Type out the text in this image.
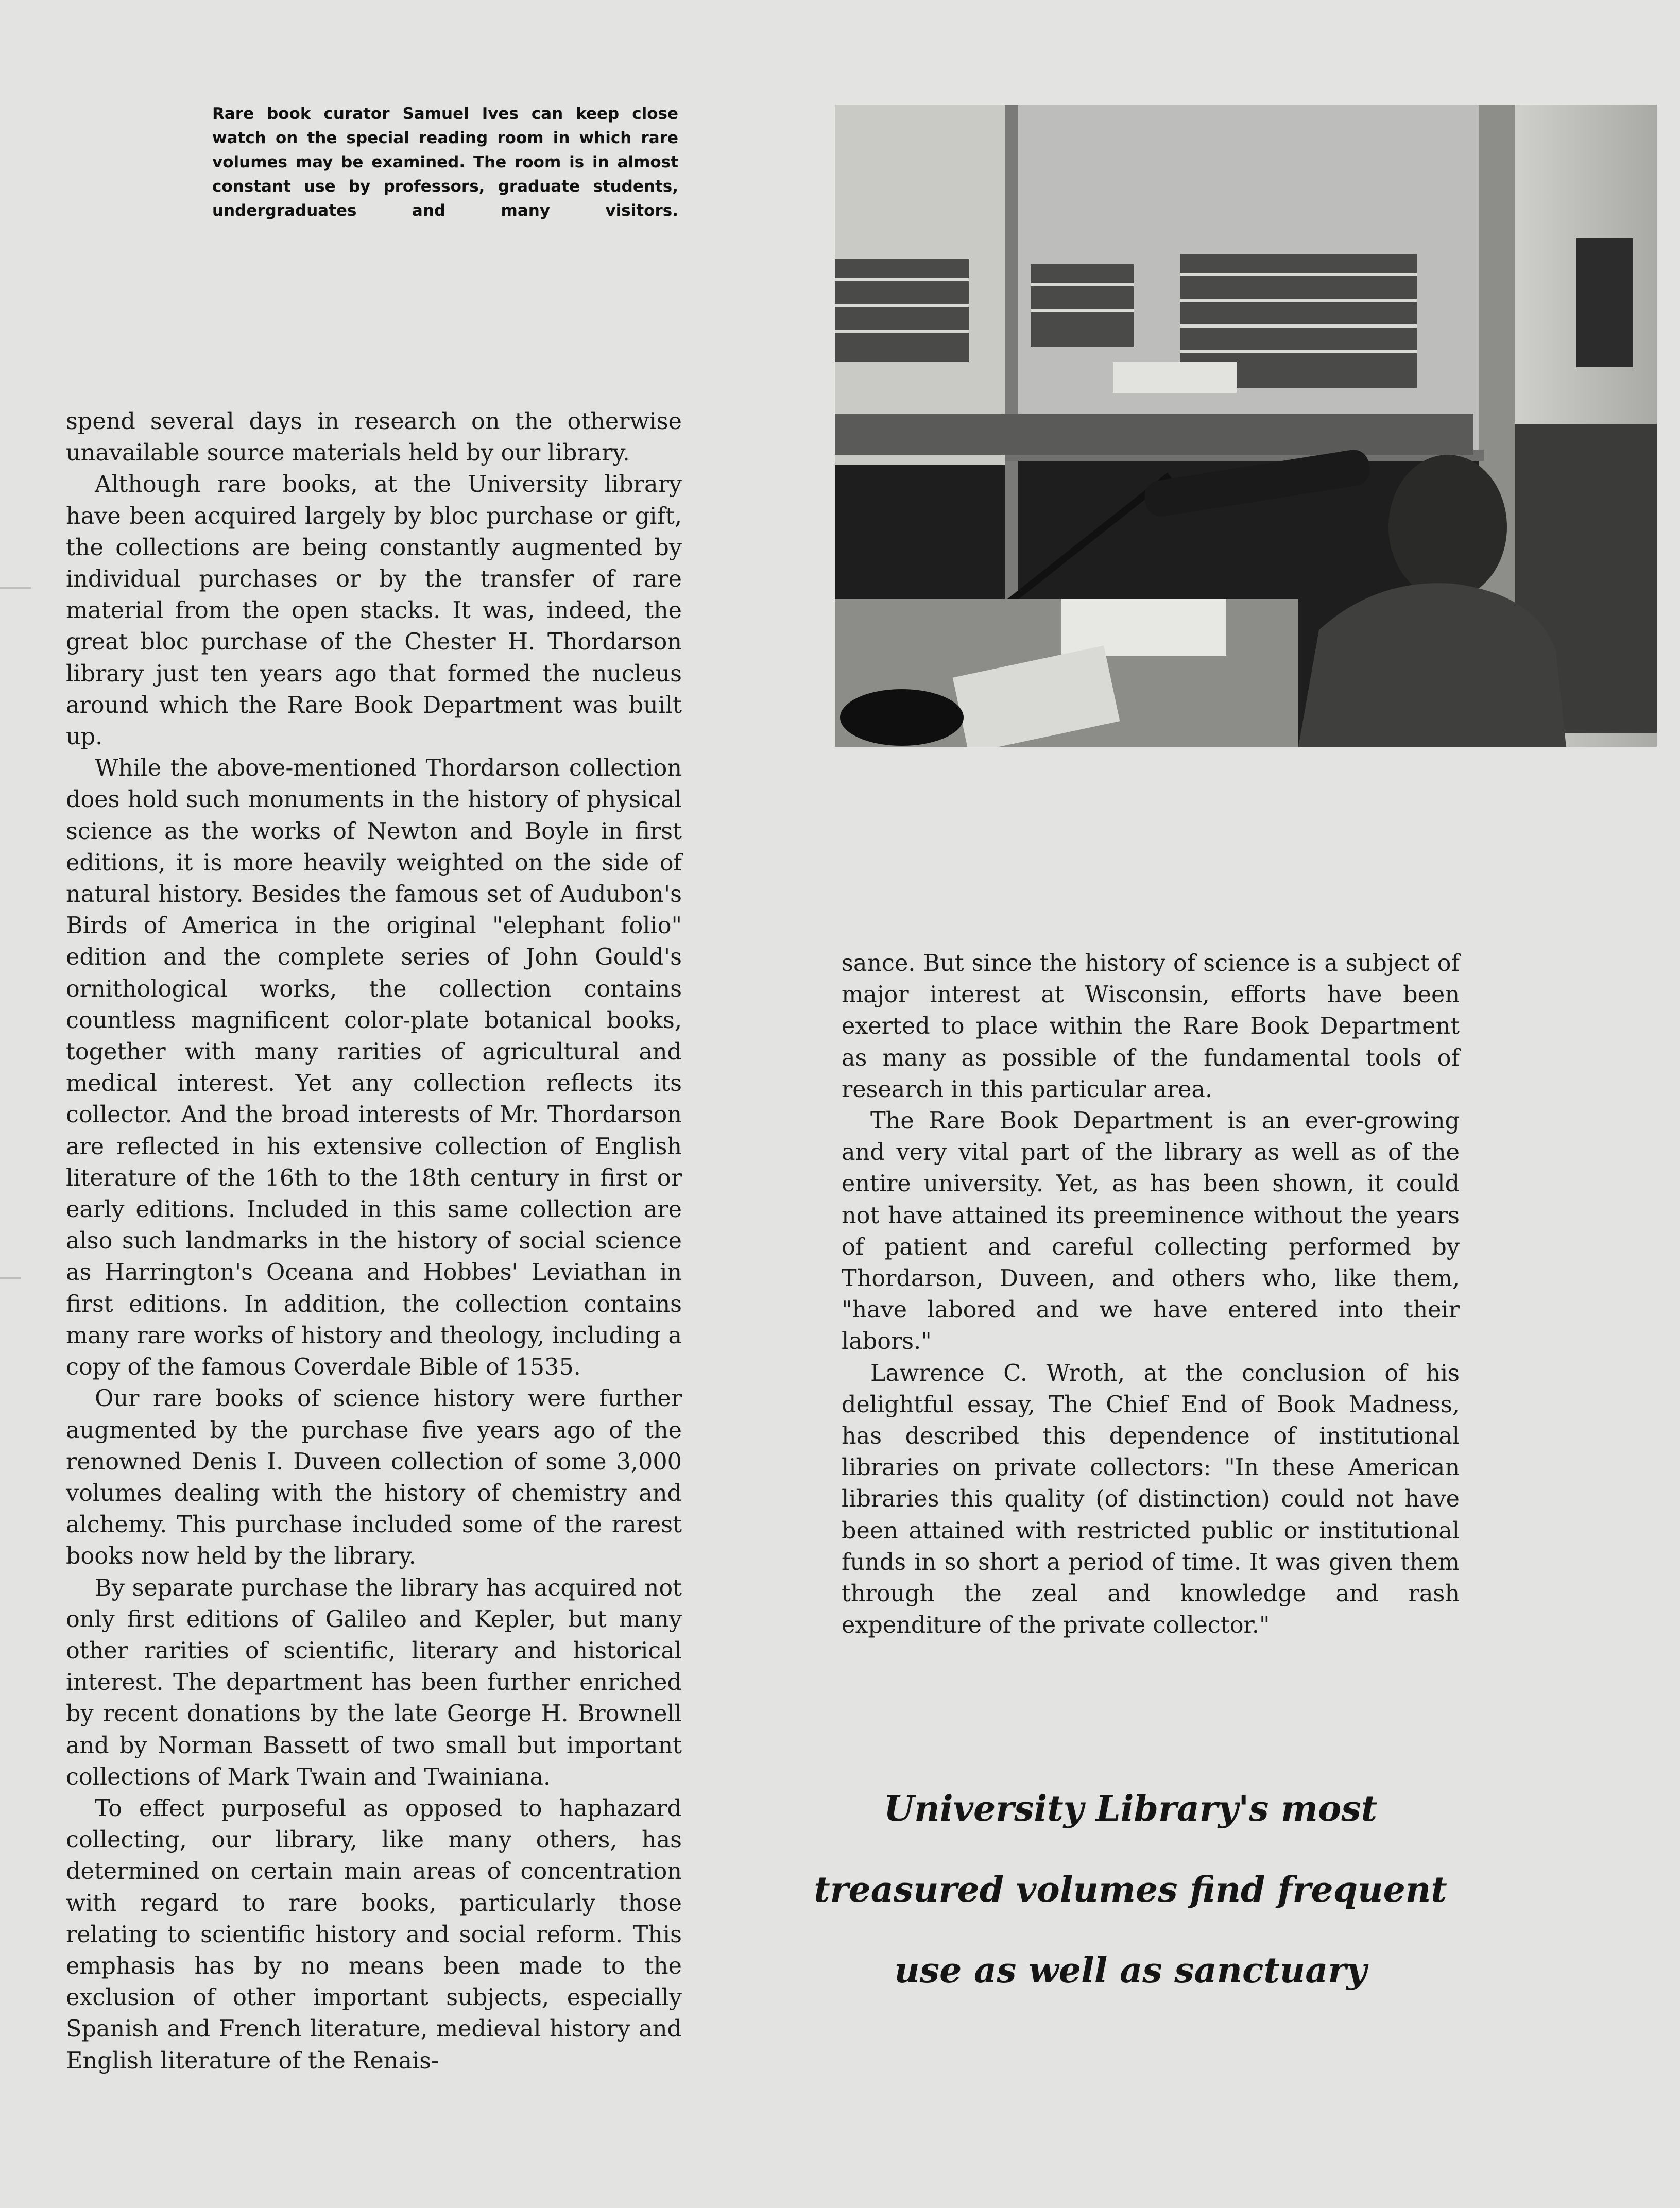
Rare book curator Samuel Ives can keep close watch on the special reading room in which rare volumes may be examined. The room is in almost constant use by professors, graduate students, undergraduates and many visitors.

spend several days in research on the otherwise unavailable source materials held by our library.

Although rare books, at the University library have been acquired largely by bloc purchase or gift, the collections are being constantly augmented by individual purchases or by the transfer of rare material from the open stacks. It was, indeed, the great bloc purchase of the Chester H. Thordarson library just ten years ago that formed the nucleus around which the Rare Book Department was built up.

While the above-mentioned Thordarson collection does hold such monuments in the history of physical science as the works of Newton and Boyle in first editions, it is more heavily weighted on the side of natural history. Besides the famous set of Audubon's Birds of America in the original "elephant folio" edition and the complete series of John Gould's ornithological works, the collection contains countless magnificent color-plate botanical books, together with many rarities of agricultural and medical interest. Yet any collection reflects its collector. And the broad interests of Mr. Thordarson are reflected in his extensive collection of English literature of the 16th to the 18th century in first or early editions. Included in this same collection are also such landmarks in the history of social science as Harrington's Oceana and Hobbes' Leviathan in first editions. In addition, the collection contains many rare works of history and theology, including a copy of the famous Coverdale Bible of 1535.

Our rare books of science history were further augmented by the purchase five years ago of the renowned Denis I. Duveen collection of some 3,000 volumes dealing with the history of chemistry and alchemy. This purchase included some of the rarest books now held by the library.

By separate purchase the library has acquired not only first editions of Galileo and Kepler, but many other rarities of scientific, literary and historical interest. The department has been further enriched by recent donations by the late George H. Brownell and by Norman Bassett of two small but important collections of Mark Twain and Twainiana.

To effect purposeful as opposed to haphazard collecting, our library, like many others, has determined on certain main areas of concentration with regard to rare books, particularly those relating to scientific history and social reform. This emphasis has by no means been made to the exclusion of other important subjects, especially Spanish and French literature, medieval history and English literature of the Renais-

sance. But since the history of science is a subject of major interest at Wisconsin, efforts have been exerted to place within the Rare Book Department as many as possible of the fundamental tools of research in this particular area.

The Rare Book Department is an ever-growing and very vital part of the library as well as of the entire university. Yet, as has been shown, it could not have attained its preeminence without the years of patient and careful collecting performed by Thordarson, Duveen, and others who, like them, "have labored and we have entered into their labors."

Lawrence C. Wroth, at the conclusion of his delightful essay, The Chief End of Book Madness, has described this dependence of institutional libraries on private collectors: "In these American libraries this quality (of distinction) could not have been attained with restricted public or institutional funds in so short a period of time. It was given them through the zeal and knowledge and rash expenditure of the private collector."

University Library's most
treasured volumes find frequent
use as well as sanctuary
